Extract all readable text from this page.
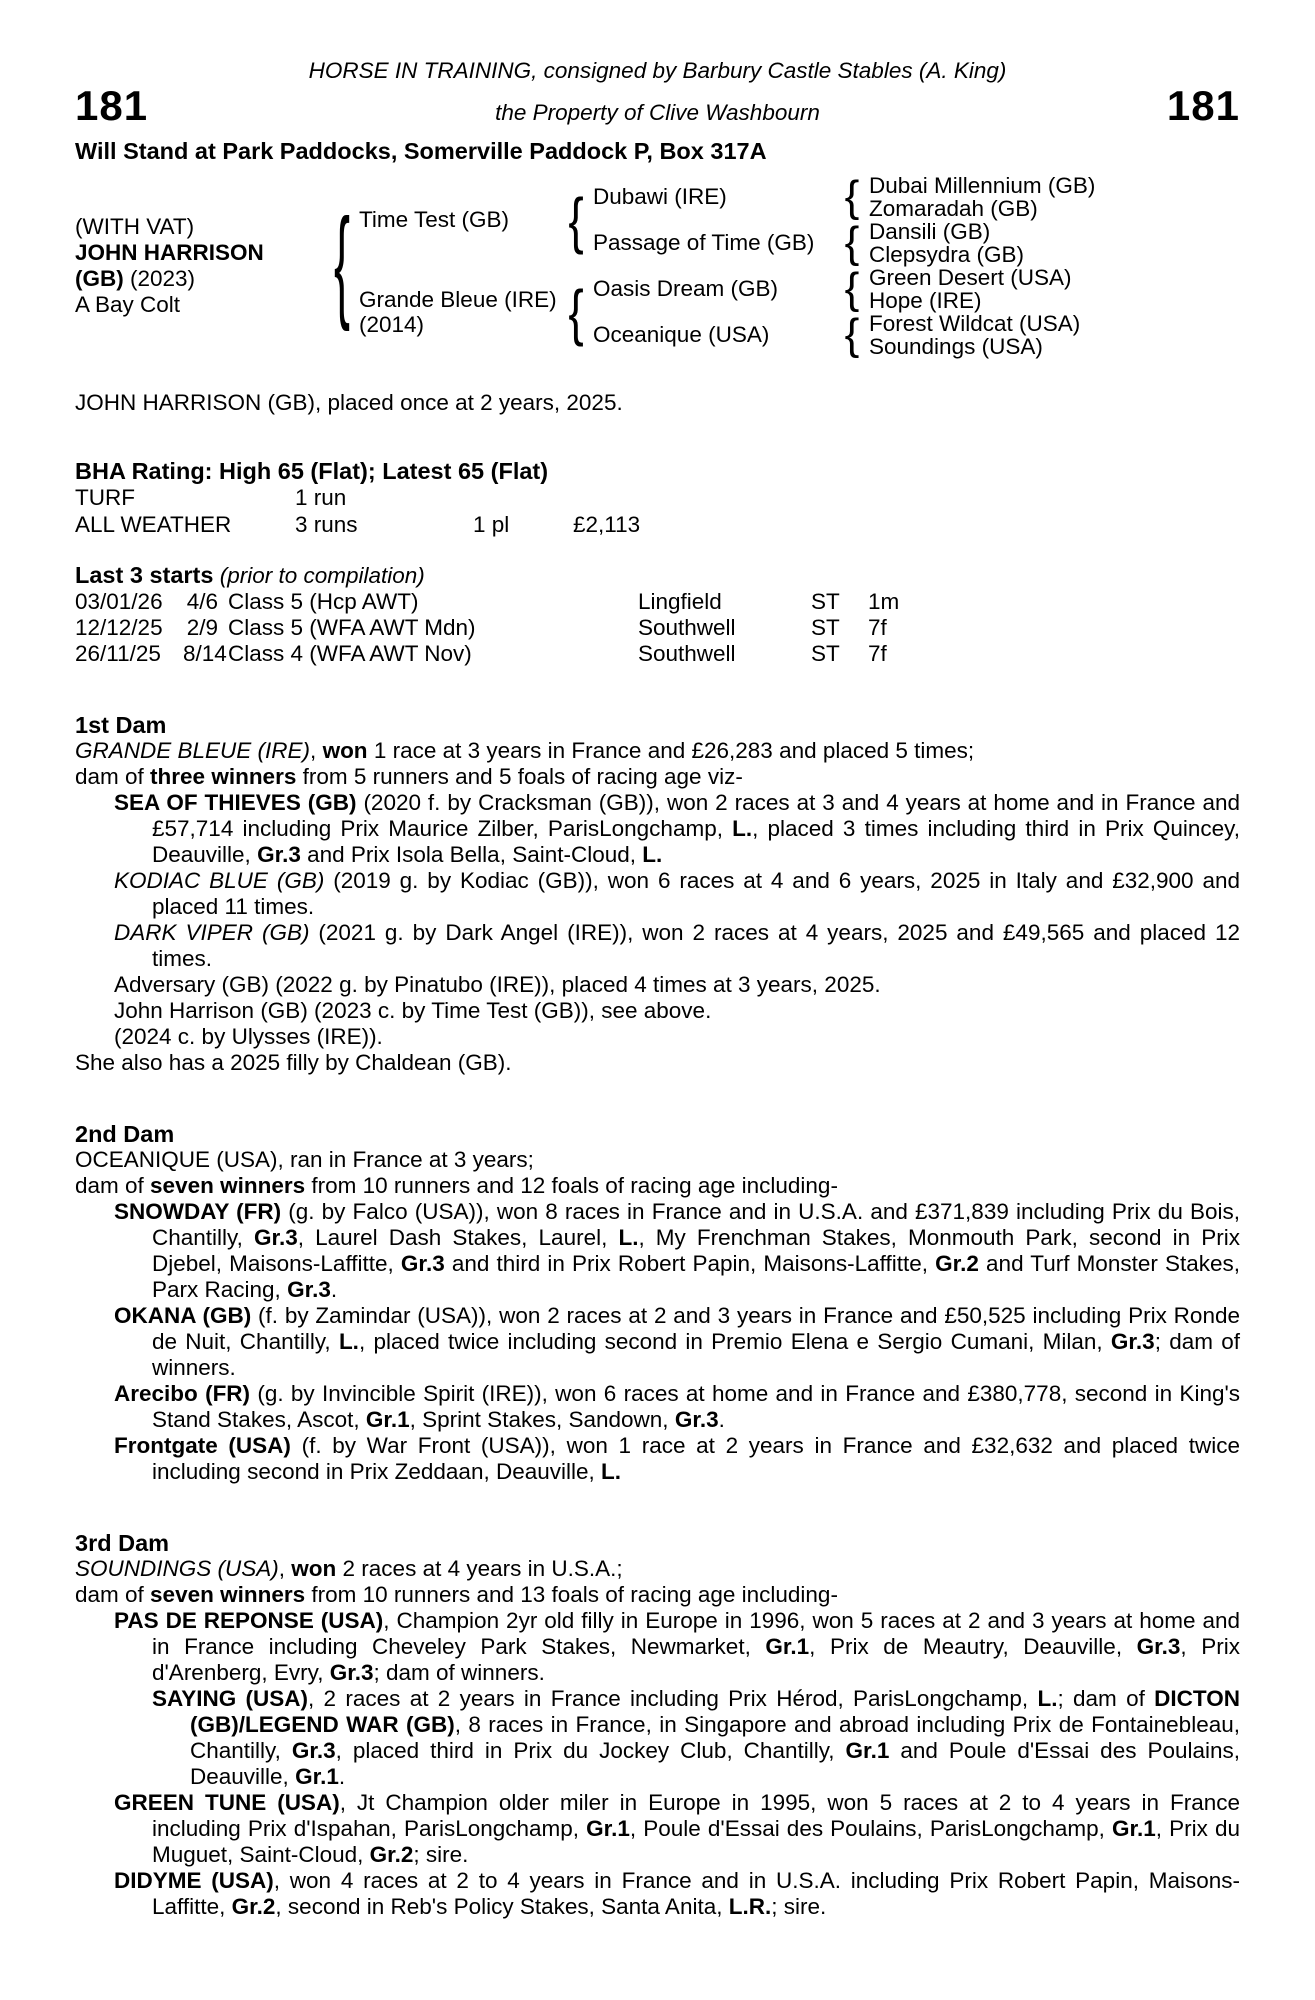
HORSE IN TRAINING, consigned by Barbury Castle Stables (A. King)
181	the Property of Clive Washbourn	181
Will Stand at Park Paddocks, Somerville Paddock P, Box 317A
(WITH VAT)
JOHN HARRISON
(GB) (2023)
A Bay Colt	{ Time Test (GB)
Grande Bleue (IRE)
(2014)
{
{
Dubawi (IRE)
Passage of Time (GB)
Oasis Dream (GB)
Oceanique (USA)
{
{
{
{
Dubai Millennium (GB)
Zomaradah (GB)
Dansili (GB)
Clepsydra (GB)
Green Desert (USA)
Hope (IRE)
Forest Wildcat (USA)
Soundings (USA)
JOHN HARRISON (GB), placed once at 2 years, 2025.
BHA Rating: High 65 (Flat); Latest 65 (Flat)
TURF	1 run
ALL WEATHER	3 runs	1 pl	£2,113
Last 3 starts (prior to compilation)
03/01/26	4/6 Class 5 (Hcp AWT)	Lingfield	ST	1m
12/12/25	2/9 Class 5 (WFA AWT Mdn)	Southwell	ST	7f
26/11/25 8/14 Class 4 (WFA AWT Nov)	Southwell	ST	7f
1st Dam
GRANDE BLEUE (IRE), won 1 race at 3 years in France and £26,283 and placed 5 times;
dam of three winners from 5 runners and 5 foals of racing age viz-
SEA OF THIEVES (GB) (2020 f. by Cracksman (GB)), won 2 races at 3 and 4 years at home and in France and £57,714 including Prix Maurice Zilber, ParisLongchamp, L., placed 3 times including third in Prix Quincey, Deauville, Gr.3 and Prix Isola Bella, Saint-Cloud, L.
KODIAC BLUE (GB) (2019 g. by Kodiac (GB)), won 6 races at 4 and 6 years, 2025 in Italy and £32,900 and placed 11 times.
DARK VIPER (GB) (2021 g. by Dark Angel (IRE)), won 2 races at 4 years, 2025 and £49,565 and placed 12 times.
Adversary (GB) (2022 g. by Pinatubo (IRE)), placed 4 times at 3 years, 2025.
John Harrison (GB) (2023 c. by Time Test (GB)), see above.
(2024 c. by Ulysses (IRE)).
She also has a 2025 filly by Chaldean (GB).
2nd Dam
OCEANIQUE (USA), ran in France at 3 years;
dam of seven winners from 10 runners and 12 foals of racing age including-
SNOWDAY (FR) (g. by Falco (USA)), won 8 races in France and in U.S.A. and £371,839 including Prix du Bois, Chantilly, Gr.3, Laurel Dash Stakes, Laurel, L., My Frenchman Stakes, Monmouth Park, second in Prix Djebel, Maisons-Laffitte, Gr.3 and third in Prix Robert Papin, Maisons-Laffitte, Gr.2 and Turf Monster Stakes, Parx Racing, Gr.3.
OKANA (GB) (f. by Zamindar (USA)), won 2 races at 2 and 3 years in France and £50,525 including Prix Ronde de Nuit, Chantilly, L., placed twice including second in Premio Elena e Sergio Cumani, Milan, Gr.3; dam of winners.
Arecibo (FR) (g. by Invincible Spirit (IRE)), won 6 races at home and in France and £380,778, second in King's Stand Stakes, Ascot, Gr.1, Sprint Stakes, Sandown, Gr.3.
Frontgate (USA) (f. by War Front (USA)), won 1 race at 2 years in France and £32,632 and placed twice including second in Prix Zeddaan, Deauville, L.
3rd Dam
SOUNDINGS (USA), won 2 races at 4 years in U.S.A.;
dam of seven winners from 10 runners and 13 foals of racing age including-
PAS DE REPONSE (USA), Champion 2yr old filly in Europe in 1996, won 5 races at 2 and 3 years at home and in France including Cheveley Park Stakes, Newmarket, Gr.1, Prix de Meautry, Deauville, Gr.3, Prix d'Arenberg, Evry, Gr.3; dam of winners.
SAYING (USA), 2 races at 2 years in France including Prix Hérod, ParisLongchamp, L.; dam of DICTON (GB)/LEGEND WAR (GB), 8 races in France, in Singapore and abroad including Prix de Fontainebleau, Chantilly, Gr.3, placed third in Prix du Jockey Club, Chantilly, Gr.1 and Poule d'Essai des Poulains, Deauville, Gr.1.
GREEN TUNE (USA), Jt Champion older miler in Europe in 1995, won 5 races at 2 to 4 years in France including Prix d'Ispahan, ParisLongchamp, Gr.1, Poule d'Essai des Poulains, ParisLongchamp, Gr.1, Prix du Muguet, Saint-Cloud, Gr.2; sire.
DIDYME (USA), won 4 races at 2 to 4 years in France and in U.S.A. including Prix Robert Papin, Maisons-Laffitte, Gr.2, second in Reb's Policy Stakes, Santa Anita, L.R.; sire.
